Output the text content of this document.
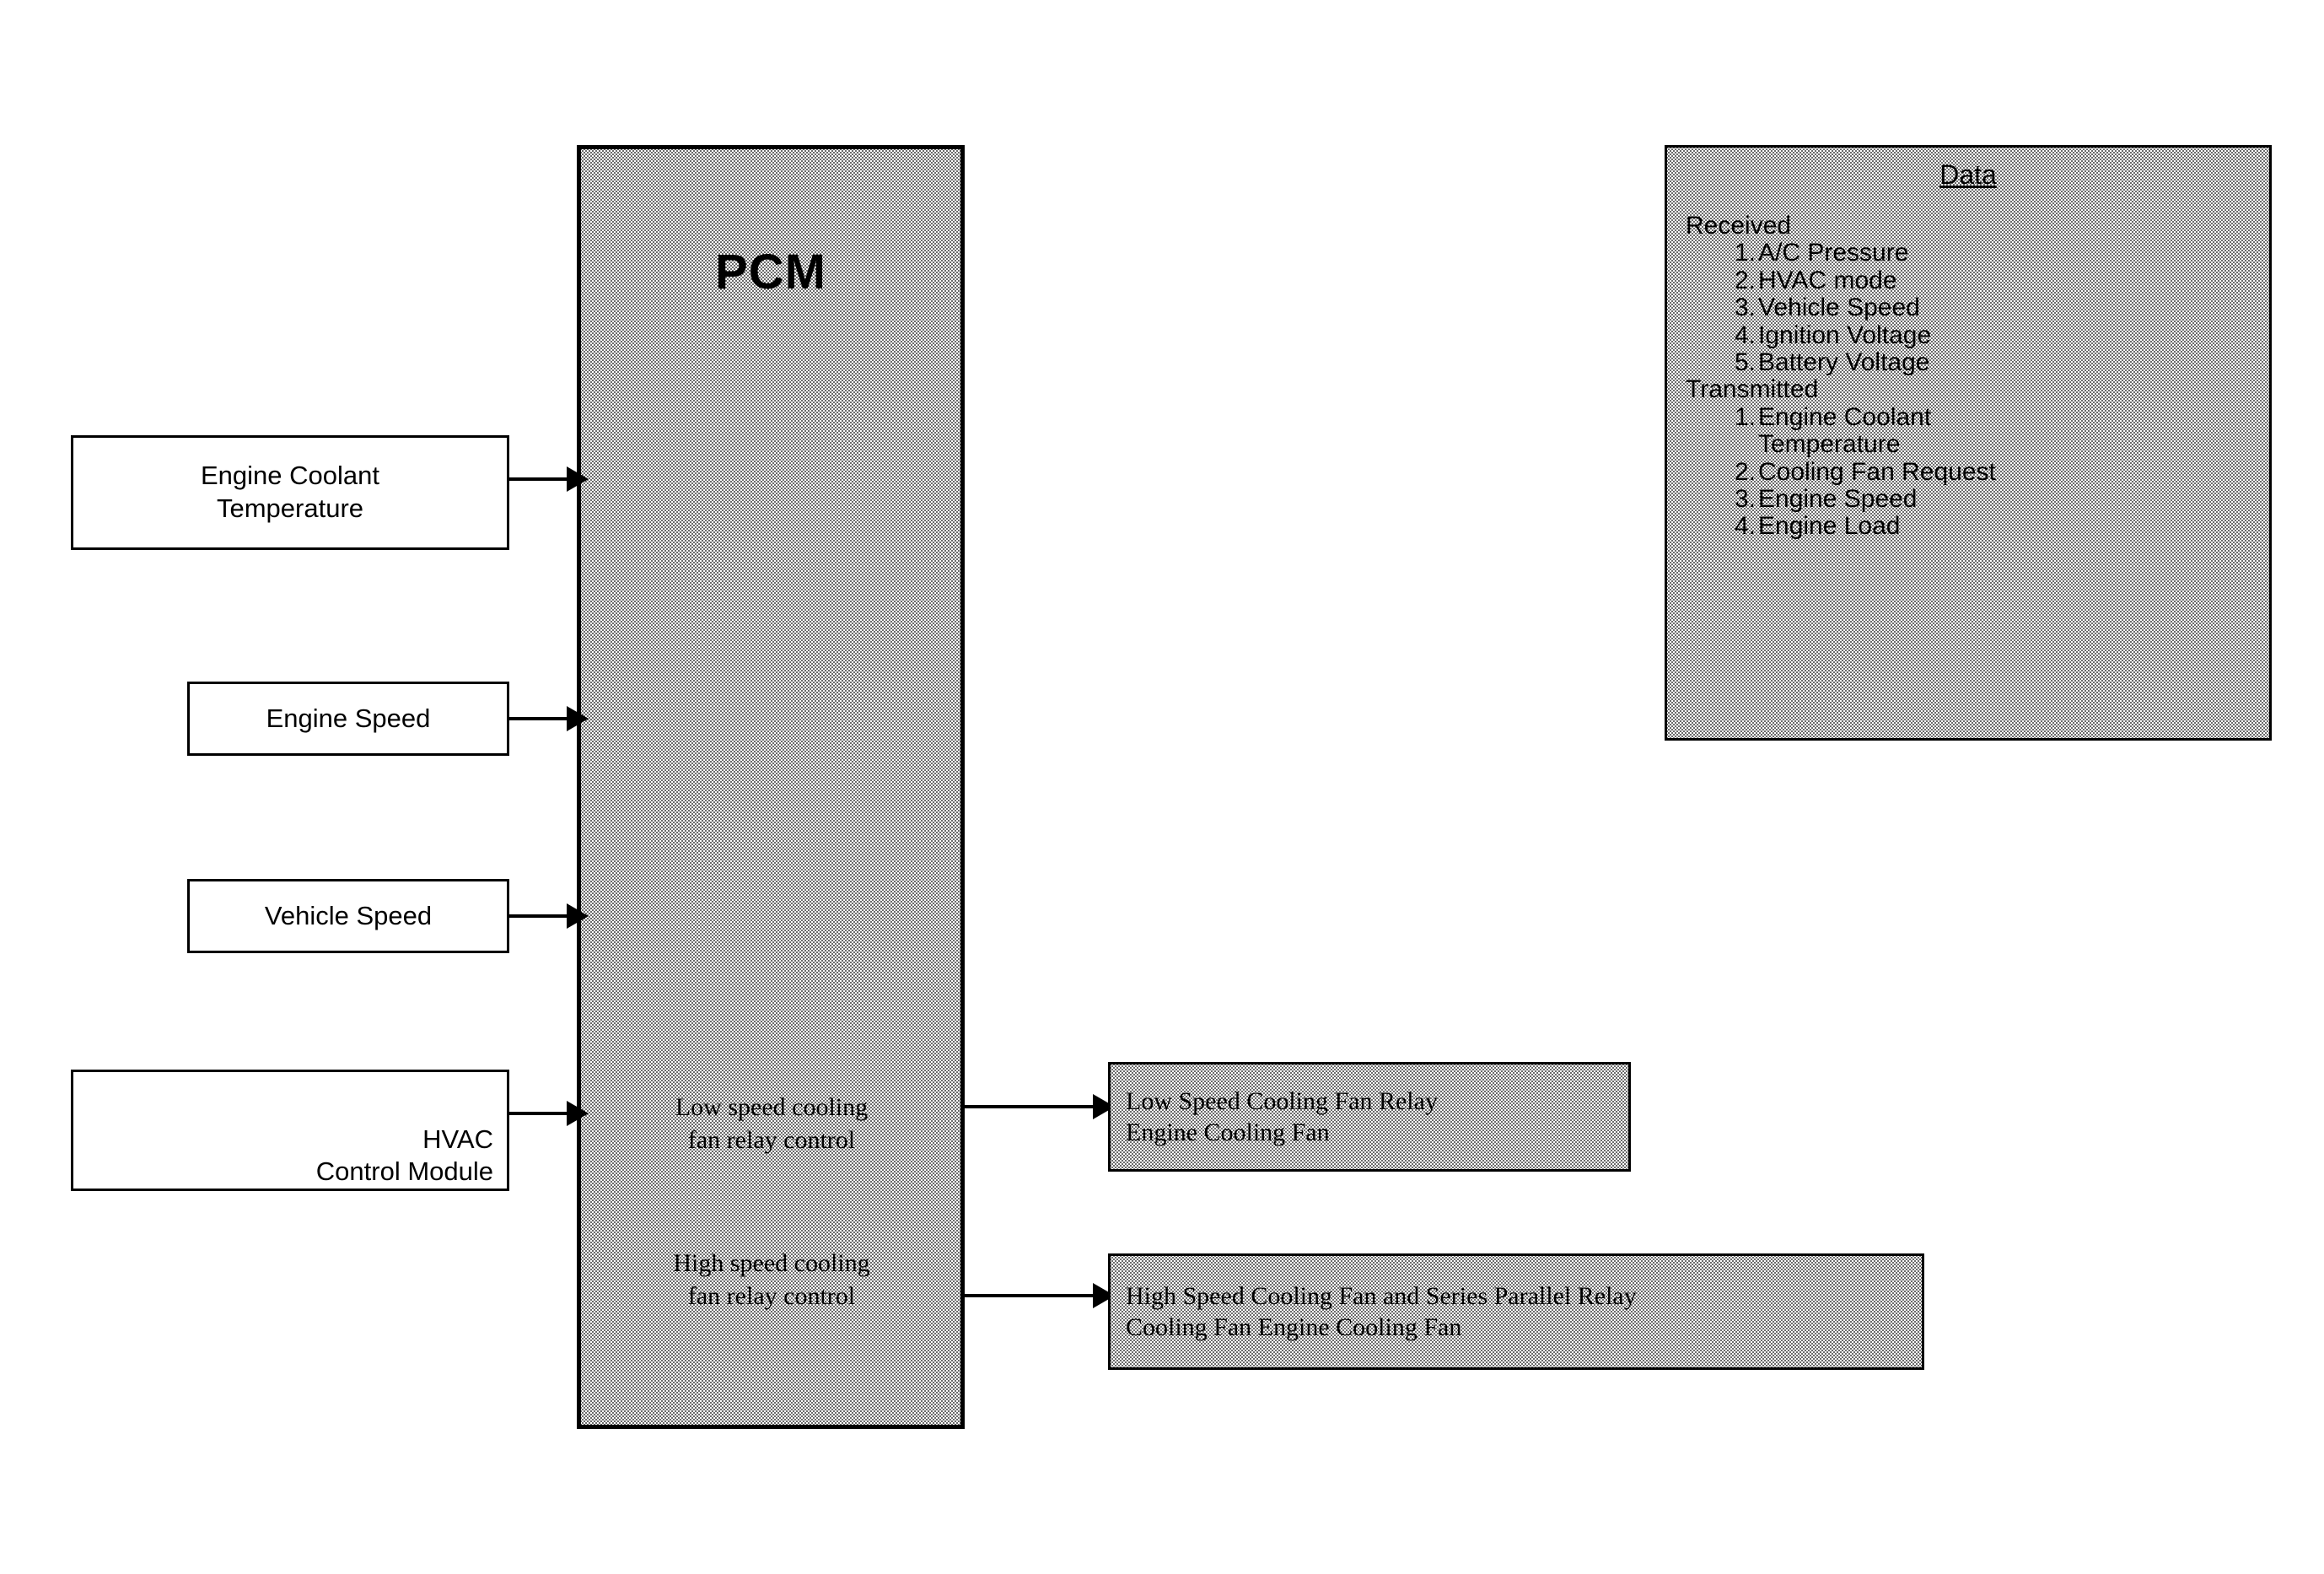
PCM
Low speed cooling
fan relay control
High speed cooling
fan relay control
Engine Coolant
Temperature
Engine Speed
Vehicle Speed
HVAC
Control Module
Low Speed Cooling Fan Relay
Engine Cooling Fan
High Speed Cooling Fan and Series Parallel Relay
Cooling Fan Engine Cooling Fan
Data
Received
1. A/C Pressure
2. HVAC mode
3. Vehicle Speed
4. Ignition Voltage
5. Battery Voltage
Transmitted
1. Engine Coolant
Temperature
2. Cooling Fan Request
3. Engine Speed
4. Engine Load
